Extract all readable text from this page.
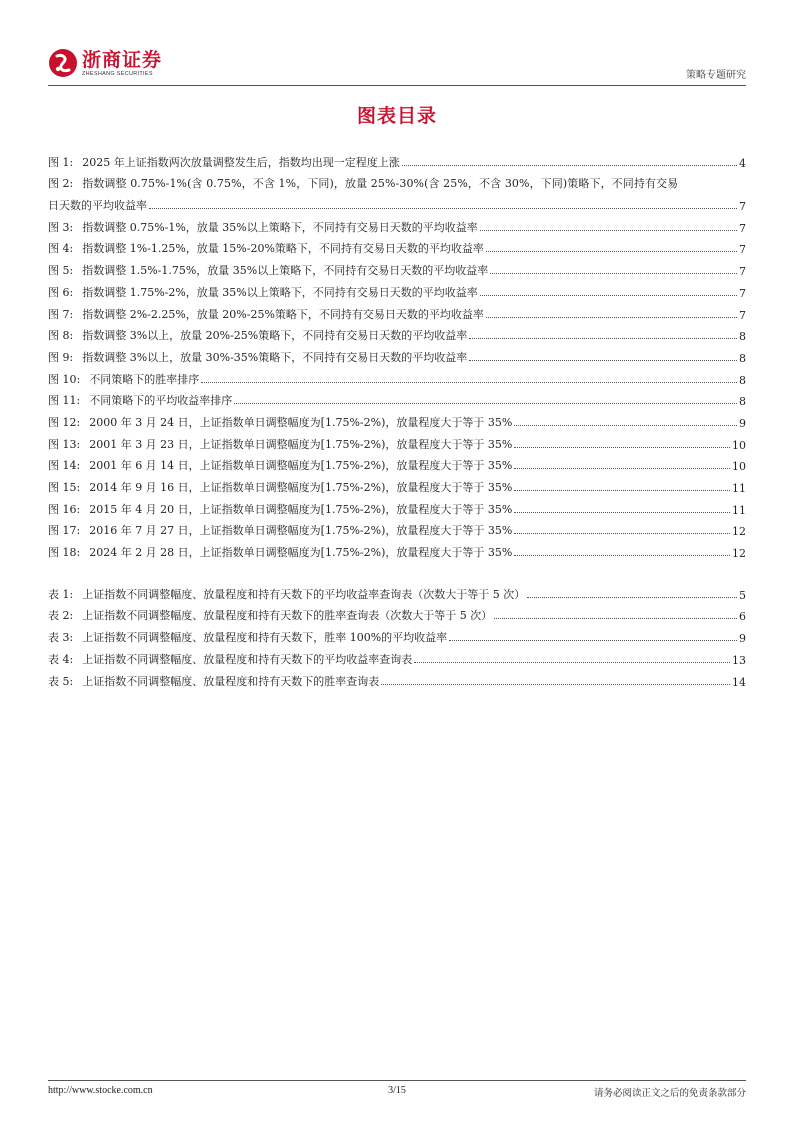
浙商证券
ZHESHANG SECURITIES	策略专题研究
图表目录
图 1: 2025 年上证指数两次放量调整发生后，指数均出现一定程度上涨	4
图 2: 指数调整 0.75%-1%(含 0.75%，不含 1%，下同)，放量 25%-30%(含 25%，不含 30%，下同)策略下，不同持有交易
日天数的平均收益率	7
图 3: 指数调整 0.75%-1%，放量 35%以上策略下，不同持有交易日天数的平均收益率	7
图 4: 指数调整 1%-1.25%，放量 15%-20%策略下，不同持有交易日天数的平均收益率	7
图 5: 指数调整 1.5%-1.75%，放量 35%以上策略下，不同持有交易日天数的平均收益率	7
图 6: 指数调整 1.75%-2%，放量 35%以上策略下，不同持有交易日天数的平均收益率	7
图 7: 指数调整 2%-2.25%，放量 20%-25%策略下，不同持有交易日天数的平均收益率	7
图 8: 指数调整 3%以上，放量 20%-25%策略下，不同持有交易日天数的平均收益率	8
图 9: 指数调整 3%以上，放量 30%-35%策略下，不同持有交易日天数的平均收益率	8
图 10: 不同策略下的胜率排序	8
图 11: 不同策略下的平均收益率排序	8
图 12: 2000 年 3 月 24 日，上证指数单日调整幅度为[1.75%-2%)，放量程度大于等于 35%	9
图 13: 2001 年 3 月 23 日，上证指数单日调整幅度为[1.75%-2%)，放量程度大于等于 35%	10
图 14: 2001 年 6 月 14 日，上证指数单日调整幅度为[1.75%-2%)，放量程度大于等于 35%	10
图 15: 2014 年 9 月 16 日，上证指数单日调整幅度为[1.75%-2%)，放量程度大于等于 35%	11
图 16: 2015 年 4 月 20 日，上证指数单日调整幅度为[1.75%-2%)，放量程度大于等于 35%	11
图 17: 2016 年 7 月 27 日，上证指数单日调整幅度为[1.75%-2%)，放量程度大于等于 35%	12
图 18: 2024 年 2 月 28 日，上证指数单日调整幅度为[1.75%-2%)，放量程度大于等于 35%	12
表 1: 上证指数不同调整幅度、放量程度和持有天数下的平均收益率查询表（次数大于等于 5 次）	5
表 2: 上证指数不同调整幅度、放量程度和持有天数下的胜率查询表（次数大于等于 5 次）	6
表 3: 上证指数不同调整幅度、放量程度和持有天数下，胜率 100%的平均收益率	9
表 4: 上证指数不同调整幅度、放量程度和持有天数下的平均收益率查询表	13
表 5: 上证指数不同调整幅度、放量程度和持有天数下的胜率查询表	14
http://www.stocke.com.cn	3/15	请务必阅读正文之后的免责条款部分
